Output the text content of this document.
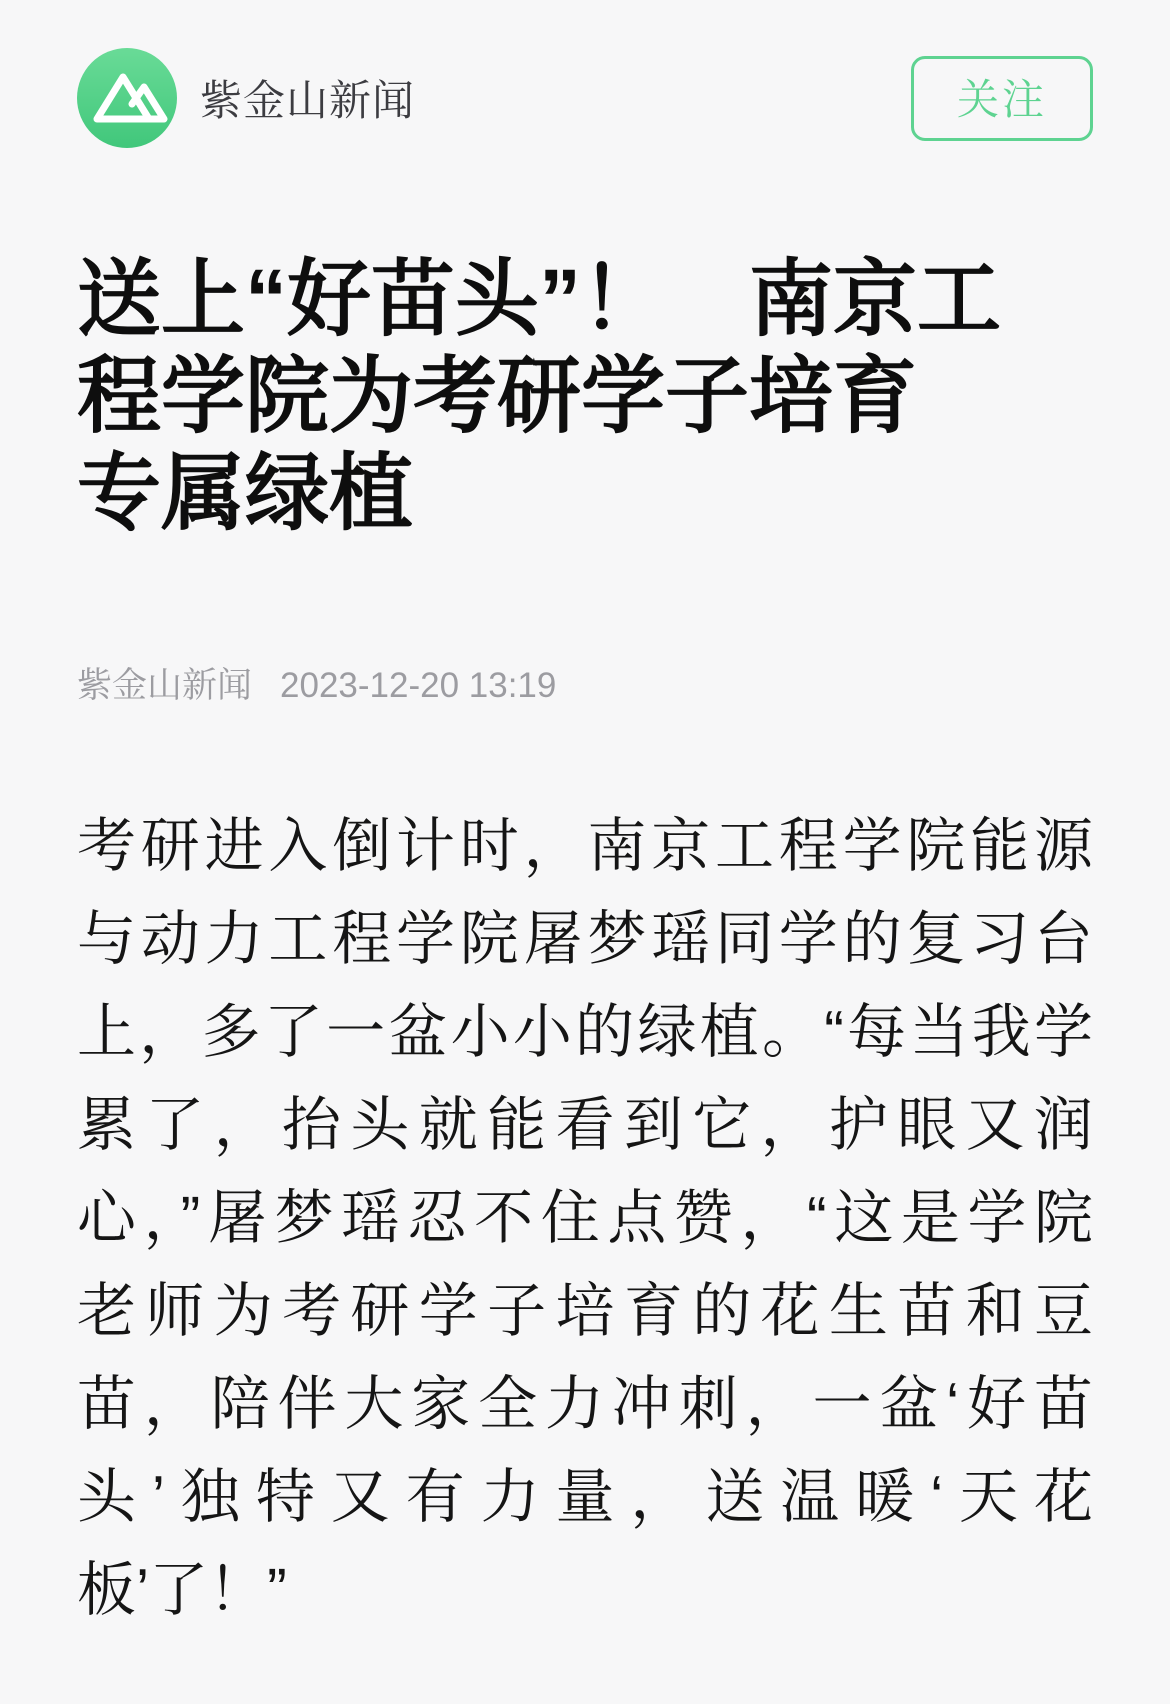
紫金山新闻	关注
送上“好苗头”！　南京工
程学院为考研学子培育
专属绿植
紫金山新闻 2023-12-20 13:19

考研进入倒计时，南京工程学院能源

与动力工程学院屠梦瑶同学的复习台

上，多了一盆小小的绿植。“每当我学

累了，抬头就能看到它，护眼又润

心，”屠梦瑶忍不住点赞，“这是学院

老师为考研学子培育的花生苗和豆

苗，陪伴大家全力冲刺，一盆‘好苗

头’独特又有力量，送温暖‘天花

板’了！”
